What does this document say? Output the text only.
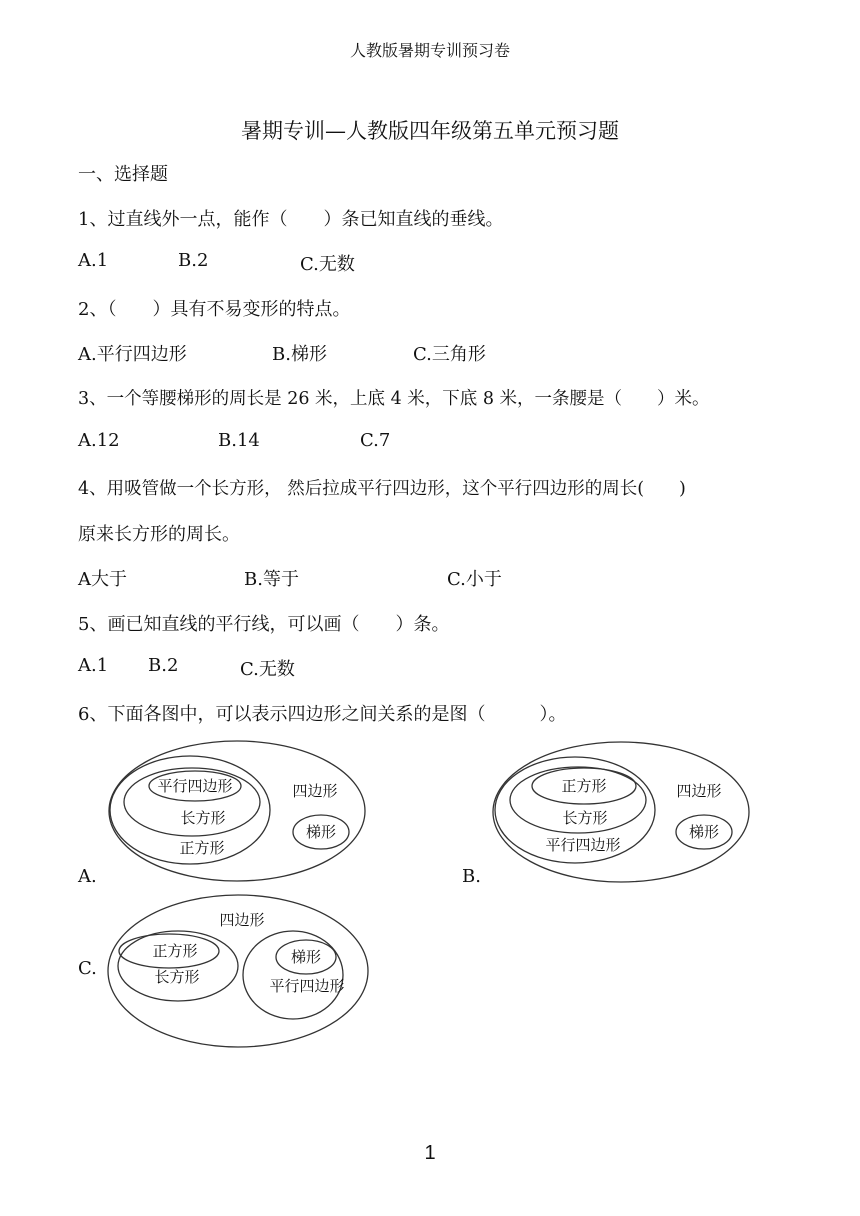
人教版暑期专训预习卷
暑期专训—人教版四年级第五单元预习题
一、选择题
1、过直线外一点，能作（　　）条已知直线的垂线。
A.1	B.2	C.无数
2、（　　）具有不易变形的特点。
A.平行四边形	B.梯形	C.三角形
3、一个等腰梯形的周长是 26 米，上底 4 米，下底 8 米，一条腰是（　　）米。
A.12	B.14	C.7
4、用吸管做一个长方形， 然后拉成平行四边形，这个平行四边形的周长(　　)
原来长方形的周长。
A大于	B.等于	C.小于
5、画已知直线的平行线，可以画（　　）条。
A.1 B.2	C.无数
6、下面各图中，可以表示四边形之间关系的是图（　　　）。
A.	B.
C.
平行四边形
长方形
正方形
四边形
梯形
正方形
长方形
平行四边形
四边形
梯形
四边形
正方形
长方形
梯形
平行四边形
1
